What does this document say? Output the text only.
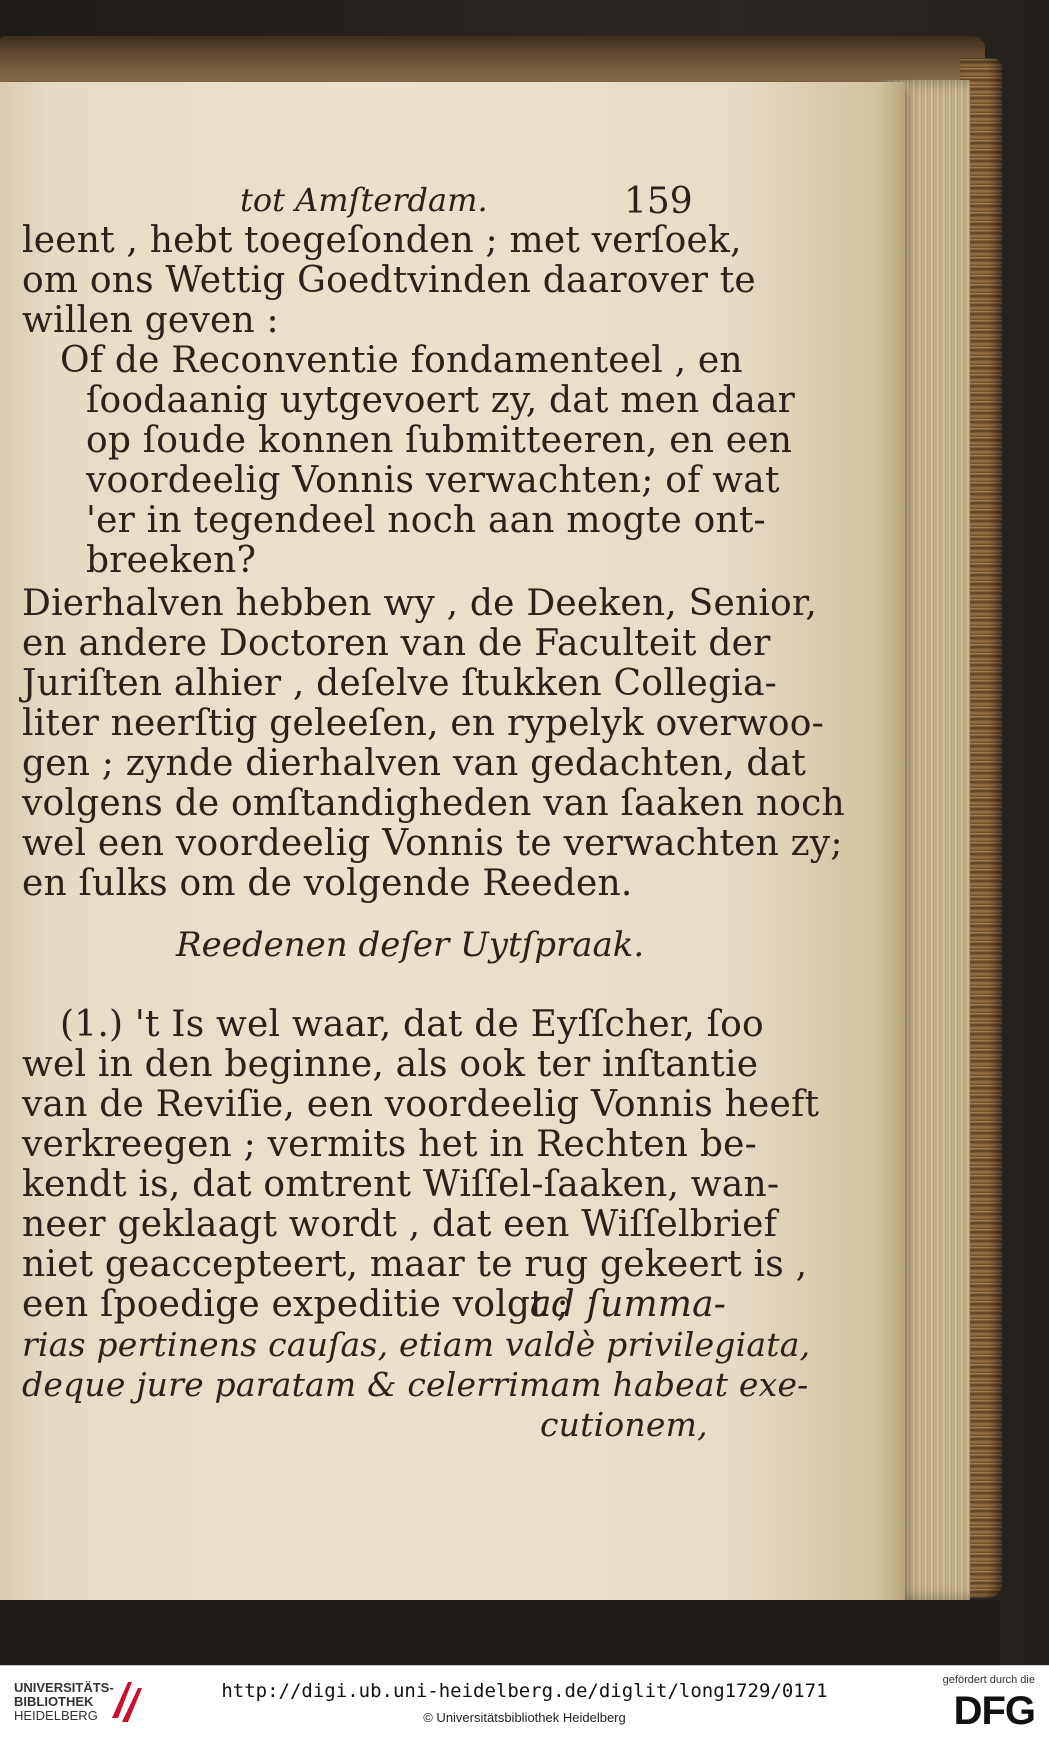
tot Amſterdam.	159
leent , hebt toegeſonden ; met verſoek,
om ons Wettig Goedtvinden daarover te
willen geven :
Of de Reconventie fondamenteel , en
ſoodaanig uytgevoert zy, dat men daar
op ſoude konnen ſubmitteeren, en een
voordeelig Vonnis verwachten; of wat
'er in tegendeel noch aan mogte ont-
breeken?
Dierhalven hebben wy , de Deeken, Senior,
en andere Doctoren van de Faculteit der
Juriſten alhier , deſelve ſtukken Collegia-
liter neerſtig geleeſen, en rypelyk overwoo-
gen ; zynde dierhalven van gedachten, dat
volgens de omſtandigheden van ſaaken noch
wel een voordeelig Vonnis te verwachten zy;
en ſulks om de volgende Reeden.
Reedenen deſer Uytſpraak.
(1.) 't Is wel waar, dat de Eyſſcher, ſoo
wel in den beginne, als ook ter inſtantie
van de Reviſie, een voordeelig Vonnis heeft
verkreegen ; vermits het in Rechten be-
kendt is, dat omtrent Wiſſel-ſaaken, wan-
neer geklaagt wordt , dat een Wiſſelbrief
niet geaccepteert, maar te rug gekeert is ,
een ſpoedige expeditie volgt ;
ad ſumma-
rias pertinens cauſas, etiam valdè privilegiata,
deque jure paratam & celerrimam habeat exe-
cutionem,
UNIVERSITÄTS-
BIBLIOTHEK
HEIDELBERG
http://digi.ub.uni-heidelberg.de/diglit/long1729/0171
© Universitätsbibliothek Heidelberg
gefördert durch die
DFG
